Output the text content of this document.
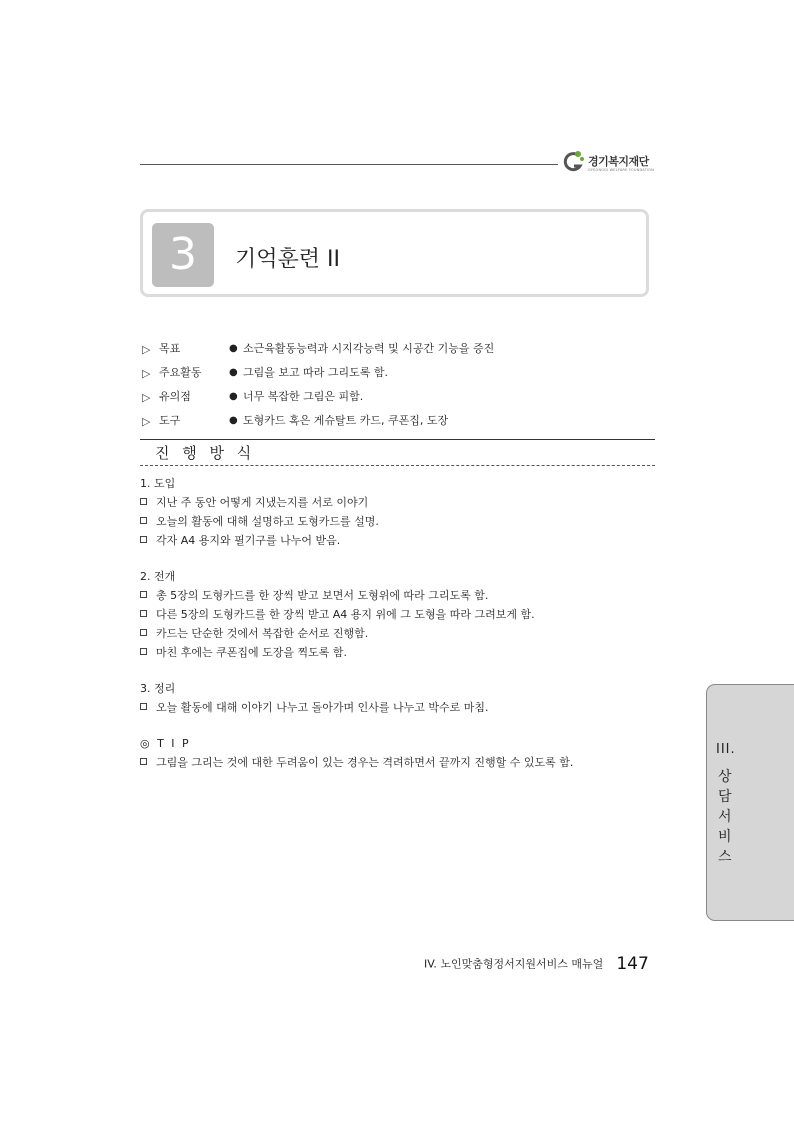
경기복지재단
GYEONGGI WELFARE FOUNDATION
3	기억훈련 II
▷ 목표	● 소근육활동능력과 시지각능력 및 시공간 기능을 증진
▷ 주요활동	● 그림을 보고 따라 그리도록 함.
▷ 유의점	● 너무 복잡한 그림은 피함.
▷ 도구	● 도형카드 혹은 게슈탈트 카드, 쿠폰집, 도장
진 행 방 식
1. 도입
지난 주 동안 어떻게 지냈는지를 서로 이야기
오늘의 활동에 대해 설명하고 도형카드를 설명.
각자 A4 용지와 필기구를 나누어 받음.
2. 전개
총 5장의 도형카드를 한 장씩 받고 보면서 도형위에 따라 그리도록 함.
다른 5장의 도형카드를 한 장씩 받고 A4 용지 위에 그 도형을 따라 그려보게 함.
카드는 단순한 것에서 복잡한 순서로 진행함.
마친 후에는 쿠폰집에 도장을 찍도록 함.
3. 정리
오늘 활동에 대해 이야기 나누고 돌아가며 인사를 나누고 박수로 마침.
◎ T I P
그림을 그리는 것에 대한 두려움이 있는 경우는 격려하면서 끝까지 진행할 수 있도록 함.
III.
상담서비스
IV. 노인맞춤형정서지원서비스 매뉴얼 147
